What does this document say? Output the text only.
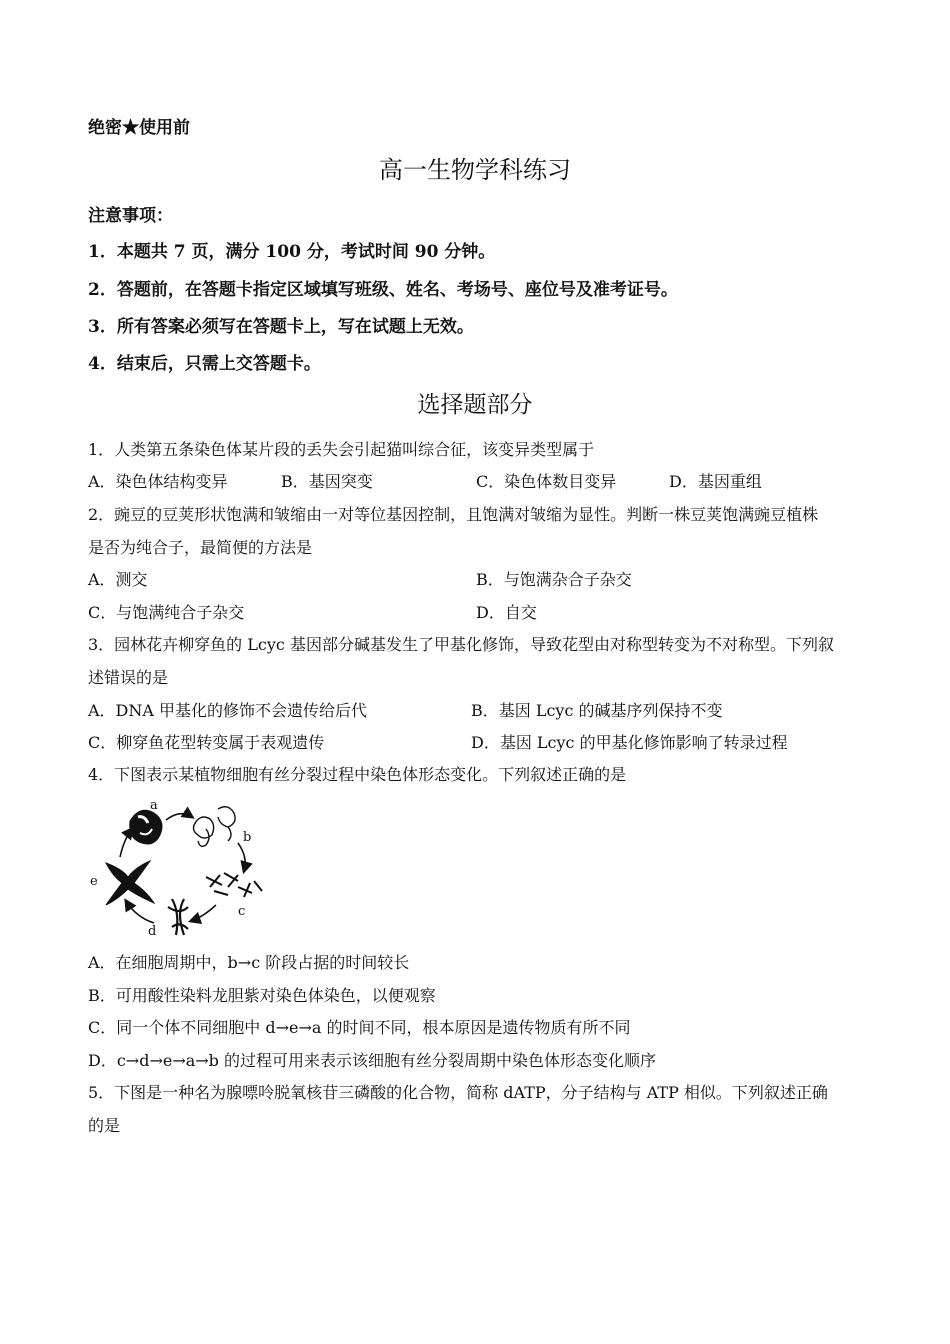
绝密★使用前
高一生物学科练习
注意事项：
1．本题共 7 页，满分 100 分，考试时间 90 分钟。
2．答题前，在答题卡指定区域填写班级、姓名、考场号、座位号及准考证号。
3．所有答案必须写在答题卡上，写在试题上无效。
4．结束后，只需上交答题卡。
选择题部分
1．人类第五条染色体某片段的丢失会引起猫叫综合征，该变异类型属于
A．染色体结构变异	B．基因突变	C．染色体数目变异	D．基因重组
2．豌豆的豆荚形状饱满和皱缩由一对等位基因控制，且饱满对皱缩为显性。判断一株豆荚饱满豌豆植株
是否为纯合子，最简便的方法是
A．测交	B．与饱满杂合子杂交
C．与饱满纯合子杂交	D．自交
3．园林花卉柳穿鱼的 Lcyc 基因部分碱基发生了甲基化修饰，导致花型由对称型转变为不对称型。下列叙
述错误的是
A．DNA 甲基化的修饰不会遗传给后代	B．基因 Lcyc 的碱基序列保持不变
C．柳穿鱼花型转变属于表观遗传	D．基因 Lcyc 的甲基化修饰影响了转录过程
4．下图表示某植物细胞有丝分裂过程中染色体形态变化。下列叙述正确的是
a
b
c
d
e
A．在细胞周期中，b→c 阶段占据的时间较长
B．可用酸性染料龙胆紫对染色体染色，以便观察
C．同一个体不同细胞中 d→e→a 的时间不同，根本原因是遗传物质有所不同
D．c→d→e→a→b 的过程可用来表示该细胞有丝分裂周期中染色体形态变化顺序
5．下图是一种名为腺嘌呤脱氧核苷三磷酸的化合物，简称 dATP，分子结构与 ATP 相似。下列叙述正确
的是
